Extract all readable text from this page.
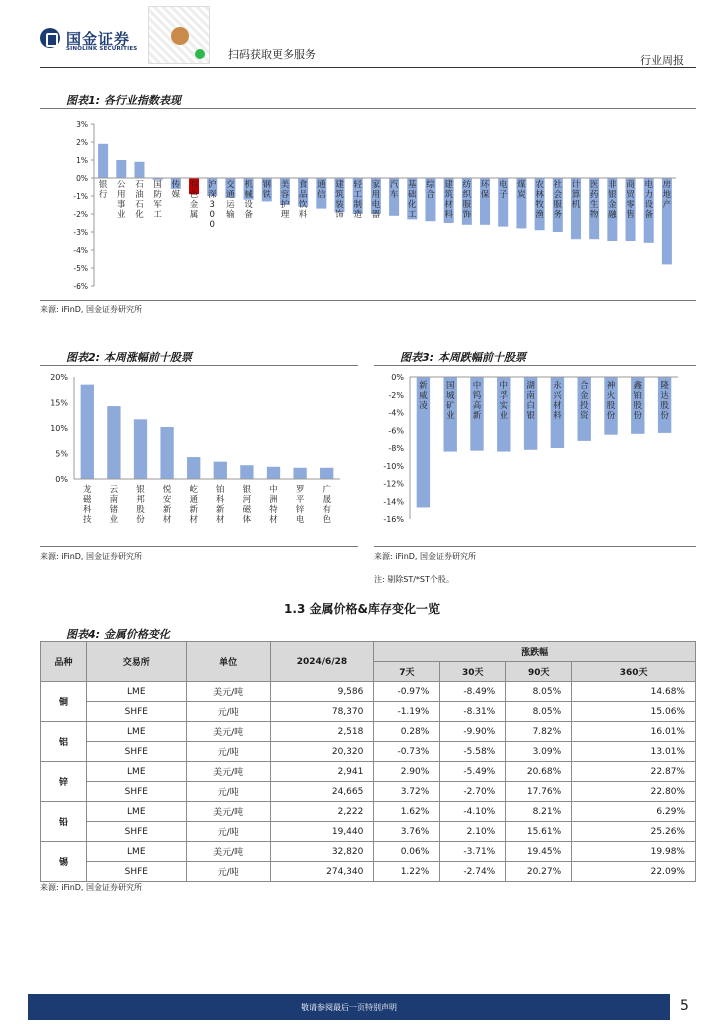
国金证券
SINOLINK SECURITIES	扫码获取更多服务	行业周报
图表1: 各行业指数表现
3%
2%
1%
0%
-1%
-2%
-3%
-4%
-5%
-6%
银行
公用事业
石油石化
国防军工
传媒
有色金属
沪深 3 0 0
交通运输
机械设备
钢铁
美容护理
食品饮料
通信
建筑装饰
轻工制造
家用电器
汽车
基础化工
综合
建筑材料
纺织服饰
环保
电子
煤炭
农林牧渔
社会服务
计算机
医药生物
非银金融
商贸零售
电力设备
房地产
来源: iFinD, 国金证券研究所
图表2: 本周涨幅前十股票
20%
15%
10%
5%
0%
龙磁科技
云南锗业
银邦股份
悦安新材
屹通新材
铂科新材
银河磁体
中洲特材
罗平锌电
广晟有色
来源: iFinD, 国金证券研究所
图表3: 本周跌幅前十股票
0%
-2%
-4%
-6%
-8%
-10%
-12%
-14%
-16%
新威凌
国城矿业
中钨高新
中孚实业
湖南白银
永兴材料
合金投资
神火股份
鑫铂股份
隆达股份
来源: iFinD, 国金证券研究所
注: 剔除ST/*ST个股。
1.3 金属价格&库存变化一览
图表4: 金属价格变化
品种	交易所	单位	2024/6/28	涨跌幅			
				7天	30天	90天	360天
铜	LME	美元/吨	9,586	-0.97%	-8.49%	8.05%	14.68%
	SHFE	元/吨	78,370	-1.19%	-8.31%	8.05%	15.06%
铝	LME	美元/吨	2,518	0.28%	-9.90%	7.82%	16.01%
	SHFE	元/吨	20,320	-0.73%	-5.58%	3.09%	13.01%
锌	LME	美元/吨	2,941	2.90%	-5.49%	20.68%	22.87%
	SHFE	元/吨	24,665	3.72%	-2.70%	17.76%	22.80%
铅	LME	美元/吨	2,222	1.62%	-4.10%	8.21%	6.29%
	SHFE	元/吨	19,440	3.76%	2.10%	15.61%	25.26%
锡	LME	美元/吨	32,820	0.06%	-3.71%	19.45%	19.98%
	SHFE	元/吨	274,340	1.22%	-2.74%	20.27%	22.09%
来源: iFinD, 国金证券研究所
敬请参阅最后一页特别声明	5
